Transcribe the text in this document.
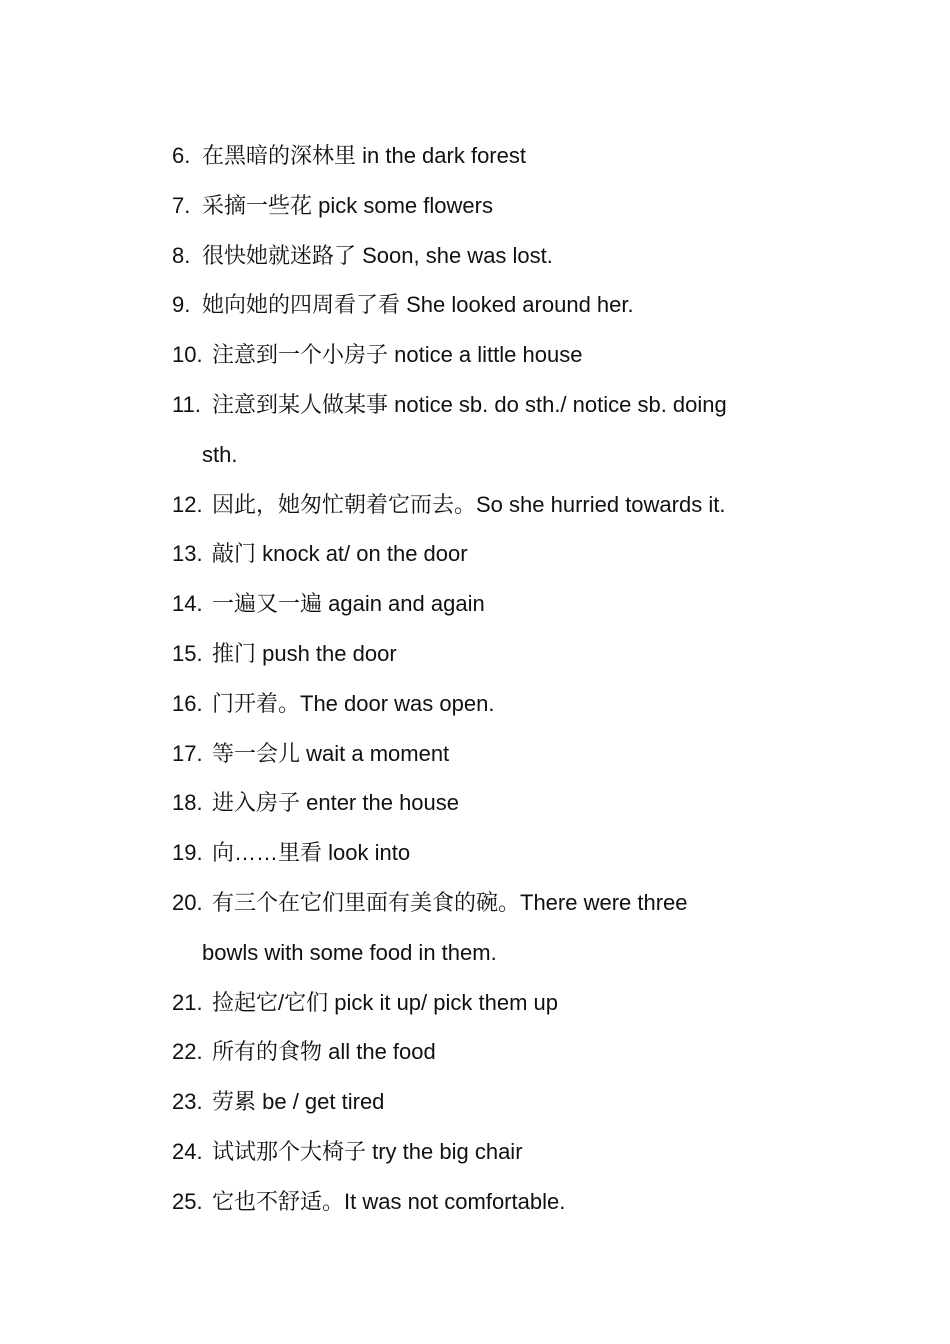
6. 在黑暗的深林里 in the dark forest
7. 采摘一些花 pick some flowers
8. 很快她就迷路了 Soon, she was lost.
9. 她向她的四周看了看 She looked around her.
10. 注意到一个小房子 notice a little house
11. 注意到某人做某事 notice sb. do sth./ notice sb. doing
sth.
12. 因此，她匆忙朝着它而去。So she hurried towards it.
13. 敲门 knock at/ on the door
14. 一遍又一遍 again and again
15. 推门 push the door
16. 门开着。The door was open.
17. 等一会儿 wait a moment
18. 进入房子 enter the house
19. 向……里看 look into
20. 有三个在它们里面有美食的碗。There were three
bowls with some food in them.
21. 捡起它/它们 pick it up/ pick them up
22. 所有的食物 all the food
23. 劳累 be / get tired
24. 试试那个大椅子 try the big chair
25. 它也不舒适。It was not comfortable.
